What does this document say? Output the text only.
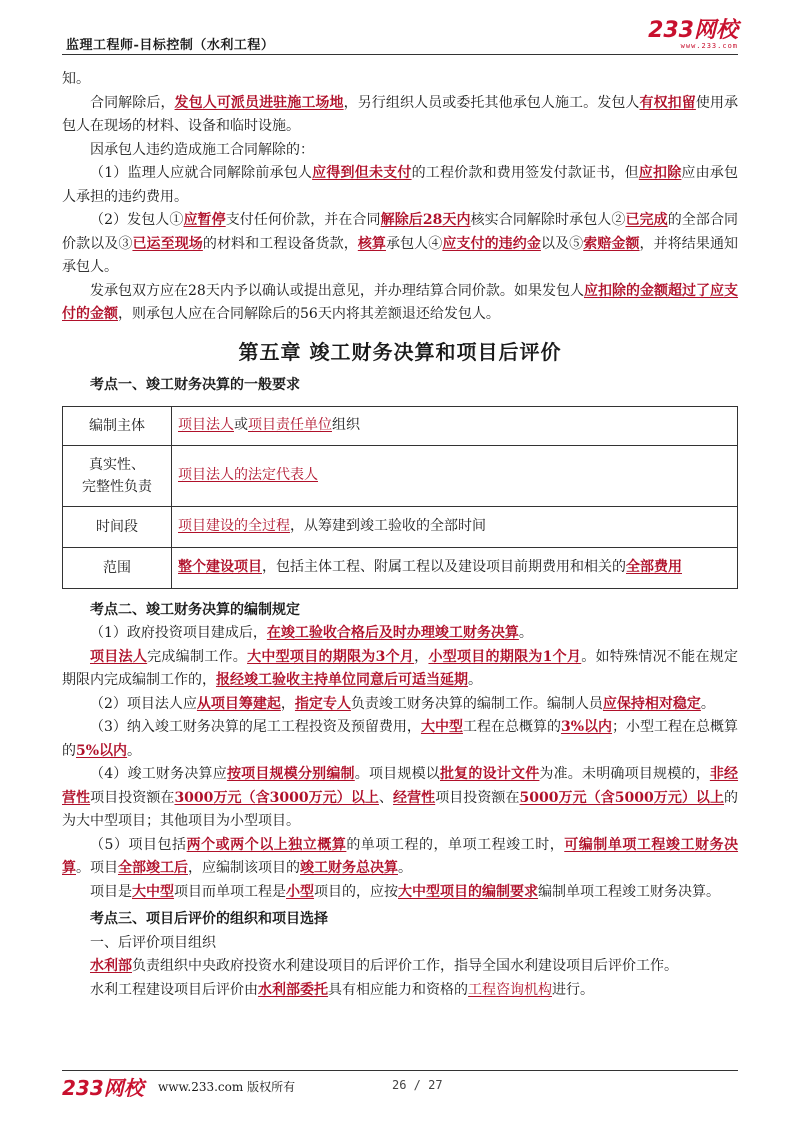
监理工程师-目标控制（水利工程）
233网校
www.233.com

知。

合同解除后，发包人可派员进驻施工场地，另行组织人员或委托其他承包人施工。发包人有权扣留使用承包人在现场的材料、设备和临时设施。

因承包人违约造成施工合同解除的：

（1）监理人应就合同解除前承包人应得到但未支付的工程价款和费用签发付款证书，但应扣除应由承包人承担的违约费用。

（2）发包人①应暂停支付任何价款，并在合同解除后28天内核实合同解除时承包人②已完成的全部合同价款以及③已运至现场的材料和工程设备货款，核算承包人④应支付的违约金以及⑤索赔金额，并将结果通知承包人。

发承包双方应在28天内予以确认或提出意见，并办理结算合同价款。如果发包人应扣除的金额超过了应支付的金额，则承包人应在合同解除后的56天内将其差额退还给发包人。

第五章 竣工财务决算和项目后评价
考点一、竣工财务决算的一般要求
编制主体	项目法人或项目责任单位组织
真实性、
完整性负责	项目法人的法定代表人
时间段	项目建设的全过程，从筹建到竣工验收的全部时间
范围	整个建设项目，包括主体工程、附属工程以及建设项目前期费用和相关的全部费用
考点二、竣工财务决算的编制规定

（1）政府投资项目建成后，在竣工验收合格后及时办理竣工财务决算。

项目法人完成编制工作。大中型项目的期限为3个月，小型项目的期限为1个月。如特殊情况不能在规定期限内完成编制工作的，报经竣工验收主持单位同意后可适当延期。

（2）项目法人应从项目筹建起，指定专人负责竣工财务决算的编制工作。编制人员应保持相对稳定。

（3）纳入竣工财务决算的尾工工程投资及预留费用，大中型工程在总概算的3%以内；小型工程在总概算的5%以内。

（4）竣工财务决算应按项目规模分别编制。项目规模以批复的设计文件为准。未明确项目规模的，非经营性项目投资额在3000万元（含3000万元）以上、经营性项目投资额在5000万元（含5000万元）以上的为大中型项目；其他项目为小型项目。

（5）项目包括两个或两个以上独立概算的单项工程的，单项工程竣工时，可编制单项工程竣工财务决算。项目全部竣工后，应编制该项目的竣工财务总决算。

项目是大中型项目而单项工程是小型项目的，应按大中型项目的编制要求编制单项工程竣工财务决算。

考点三、项目后评价的组织和项目选择

一、后评价项目组织

水利部负责组织中央政府投资水利建设项目的后评价工作，指导全国水利建设项目后评价工作。

水利工程建设项目后评价由水利部委托具有相应能力和资格的工程咨询机构进行。

233网校 www.233.com 版权所有	26 / 27
